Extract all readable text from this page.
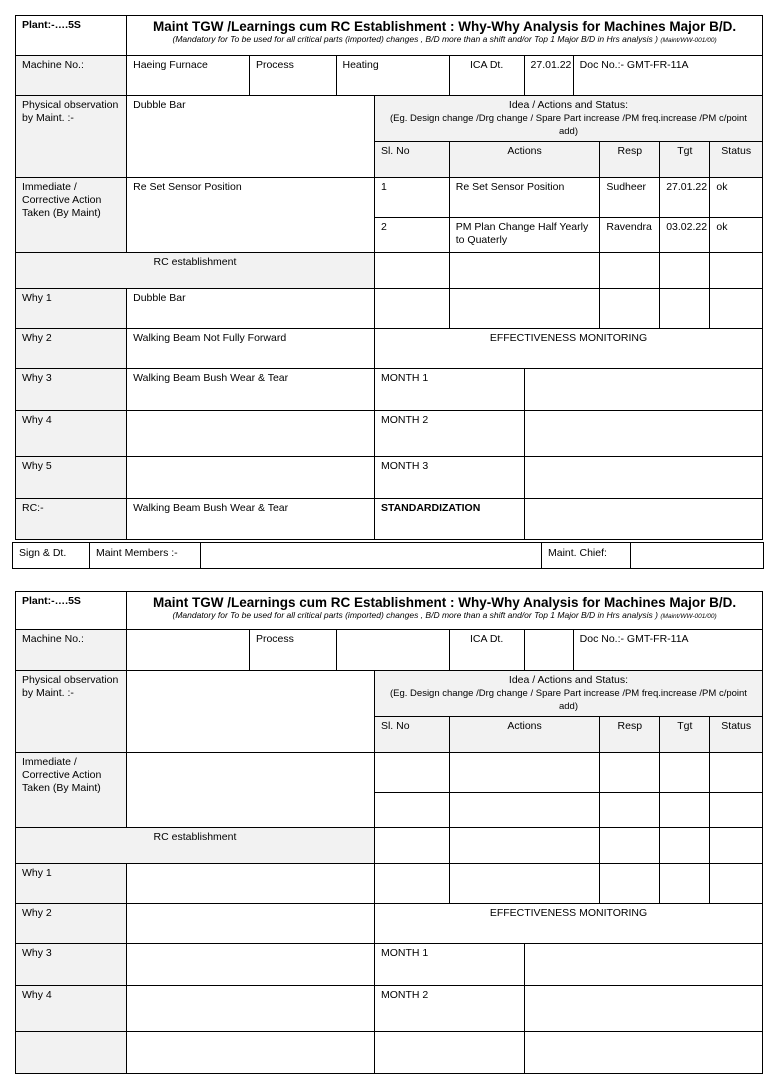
Plant:-….5S	Maint TGW /Learnings cum RC Establishment : Why-Why Analysis for Machines Major B/D.
(Mandatory for To be used for all critical parts (imported) changes , B/D more than a shift and/or Top 1 Major B/D in Hrs analysis ) (Maint/WW-001/00)									

Machine No.:	Haeing Furnace	Process	Heating		ICA Dt.	27.01.22	Doc No.:- GMT-FR-11A			
Physical observation by Maint. :-	Dubble Bar			Idea / Actions and Status:
(Eg. Design change /Drg change / Spare Part increase /PM freq.increase /PM c/point add)						
				Sl. No	Actions			Resp	Tgt	Status
Immediate / Corrective Action Taken (By Maint)	Re Set Sensor Position			1	Re Set Sensor Position			Sudheer	27.01.22	ok
				2	PM Plan Change Half Yearly to Quaterly			Ravendra	03.02.22	ok
RC establishment										
Why 1	Dubble Bar									
Why 2	Walking Beam Not Fully Forward			EFFECTIVENESS MONITORING						
Why 3	Walking Beam Bush Wear & Tear			MONTH 1						
Why 4				MONTH 2						
Why 5				MONTH 3						
RC:-	Walking Beam Bush Wear & Tear			STANDARDIZATION						
Sign & Dt.	Maint Members :-		Maint. Chief:	
Plant:-….5S	Maint TGW /Learnings cum RC Establishment : Why-Why Analysis for Machines Major B/D.
(Mandatory for To be used for all critical parts (imported) changes , B/D more than a shift and/or Top 1 Major B/D in Hrs analysis ) (Maint/WW-001/00)									

Machine No.:		Process			ICA Dt.		Doc No.:- GMT-FR-11A			
Physical observation by Maint. :-				Idea / Actions and Status:
(Eg. Design change /Drg change / Spare Part increase /PM freq.increase /PM c/point add)						
				Sl. No	Actions			Resp	Tgt	Status
Immediate / Corrective Action Taken (By Maint)										

RC establishment										
Why 1										
Why 2				EFFECTIVENESS MONITORING						
Why 3				MONTH 1						
Why 4				MONTH 2						
